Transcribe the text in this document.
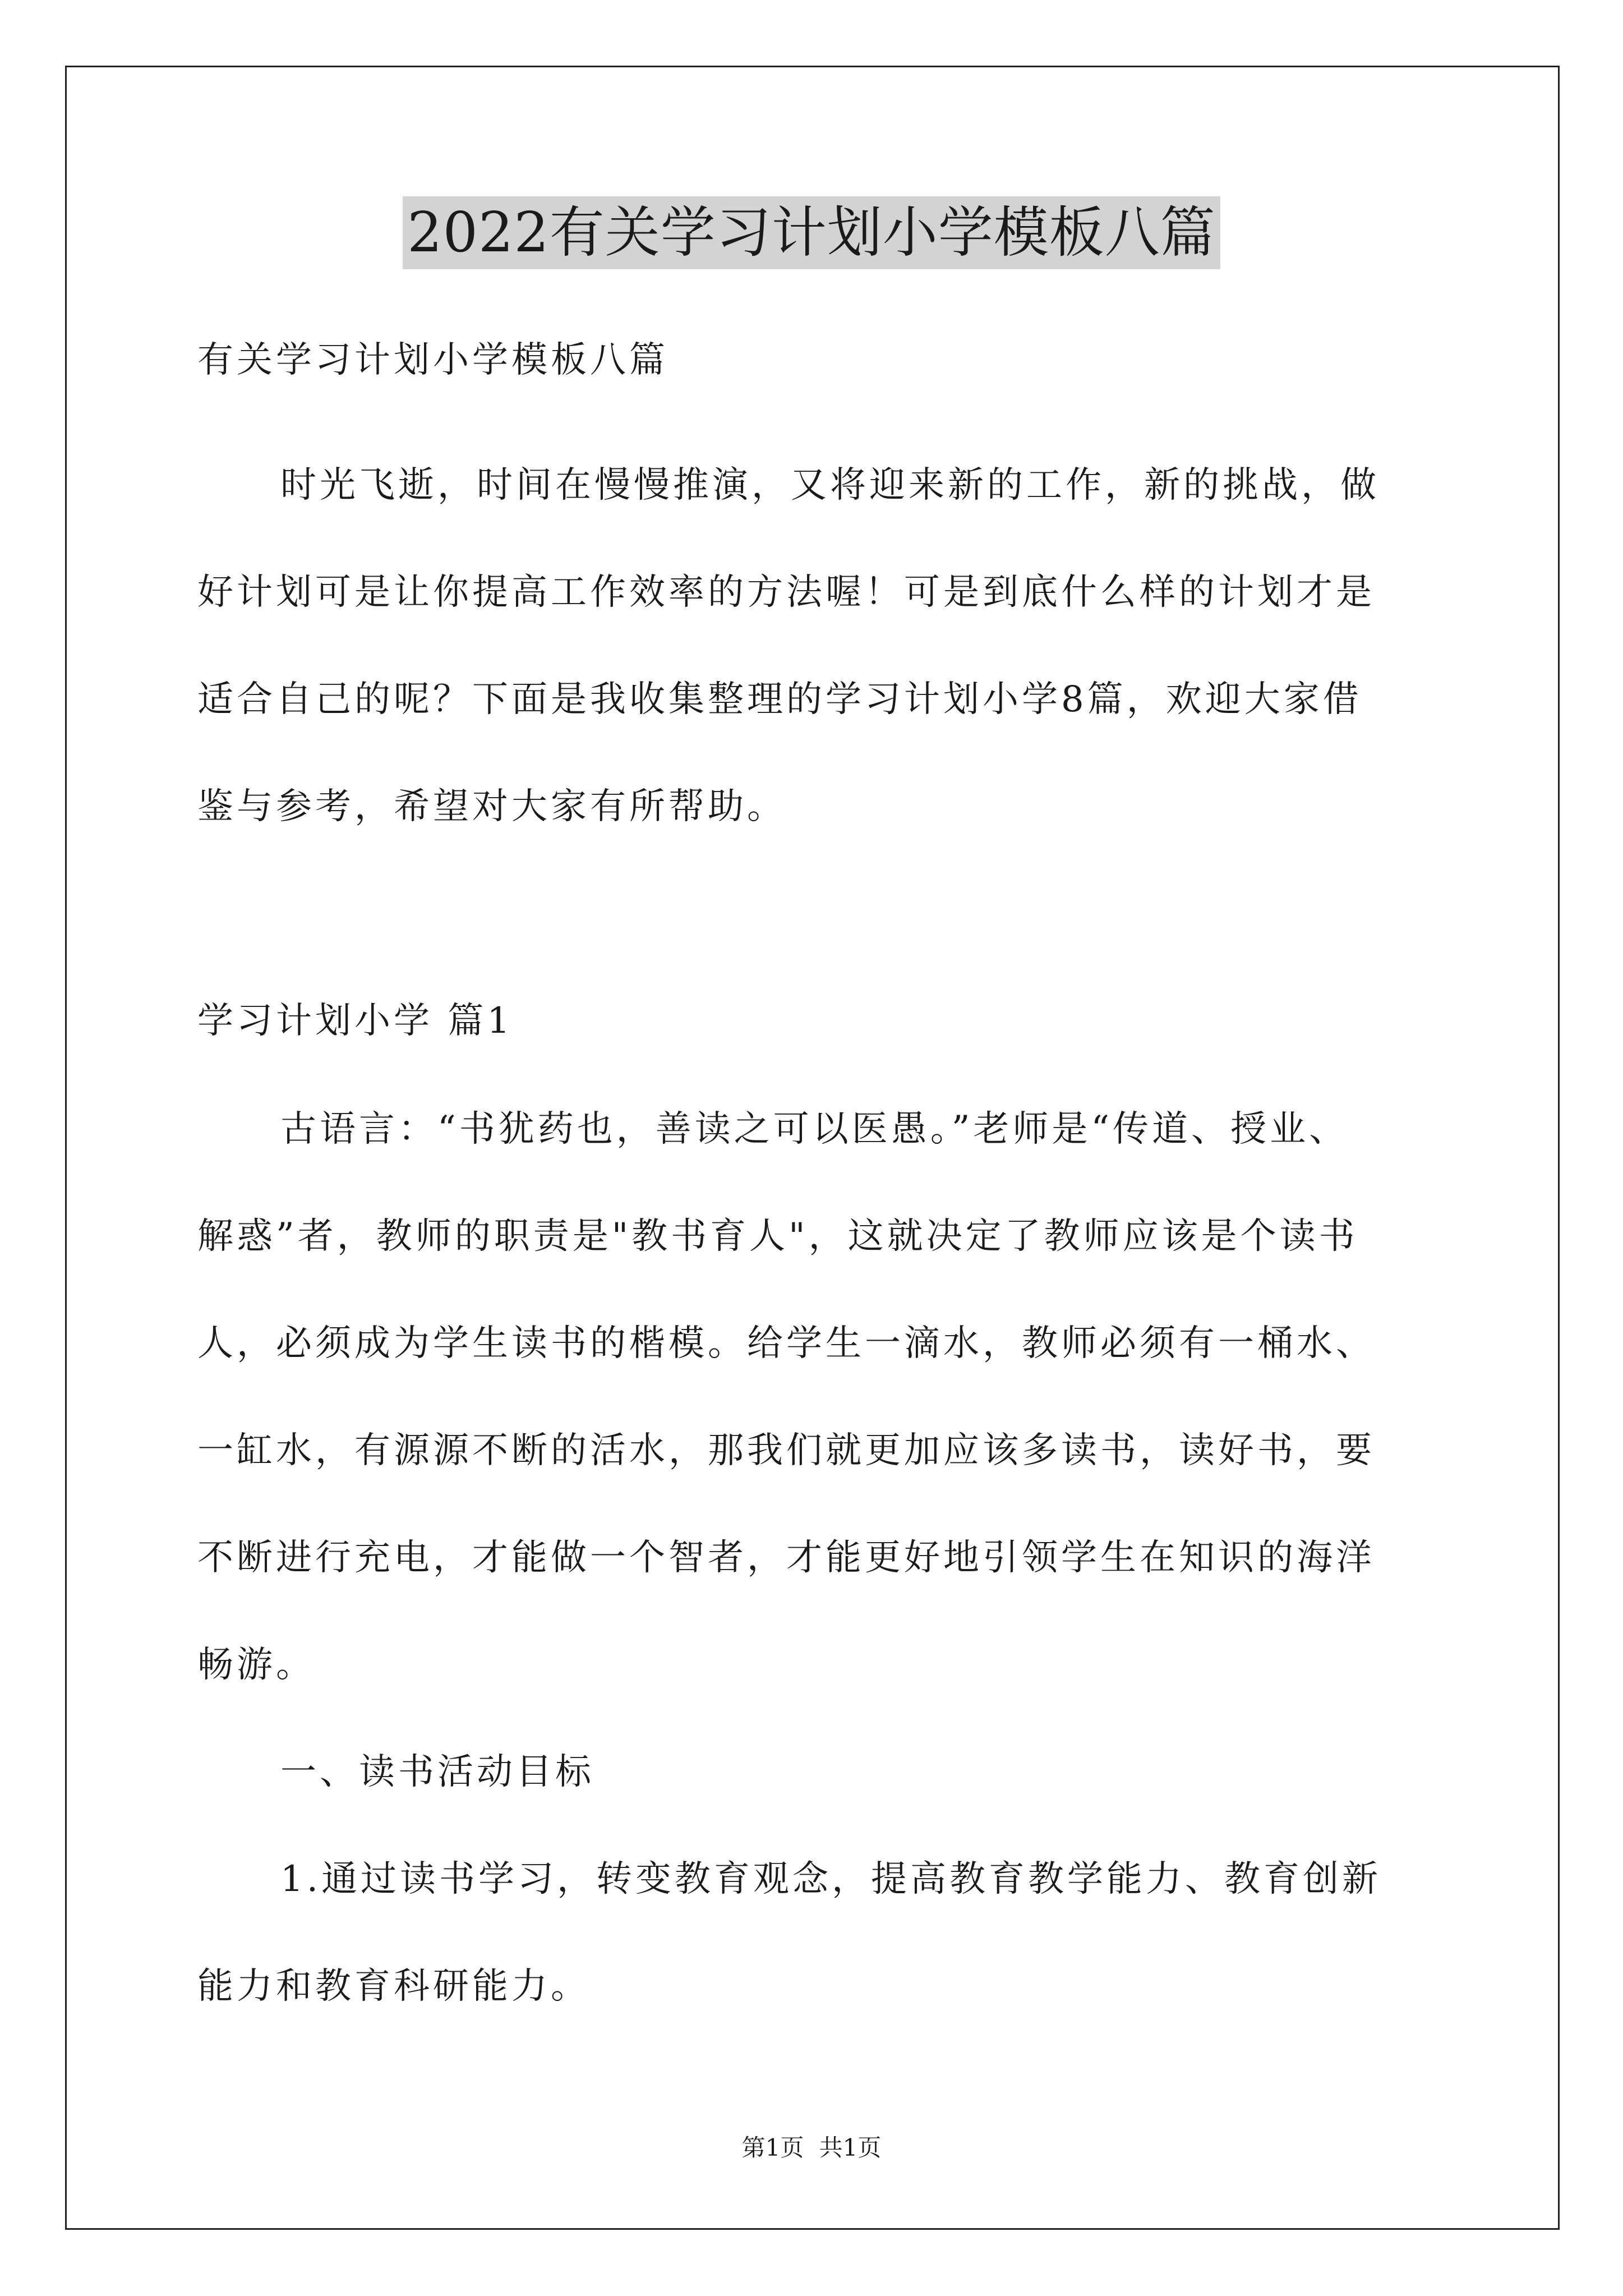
2022有关学习计划小学模板八篇
有关学习计划小学模板八篇
时光飞逝，时间在慢慢推演，又将迎来新的工作，新的挑战，做
好计划可是让你提高工作效率的方法喔！可是到底什么样的计划才是
适合自己的呢？下面是我收集整理的学习计划小学8篇，欢迎大家借
鉴与参考，希望对大家有所帮助。
学习计划小学 篇1
古语言：“书犹药也，善读之可以医愚。”老师是“传道、授业、
解惑”者，教师的职责是"教书育人"，这就决定了教师应该是个读书
人，必须成为学生读书的楷模。给学生一滴水，教师必须有一桶水、
一缸水，有源源不断的活水，那我们就更加应该多读书，读好书，要
不断进行充电，才能做一个智者，才能更好地引领学生在知识的海洋
畅游。
一、读书活动目标
1.通过读书学习，转变教育观念，提高教育教学能力、教育创新
能力和教育科研能力。
第1页 共1页
